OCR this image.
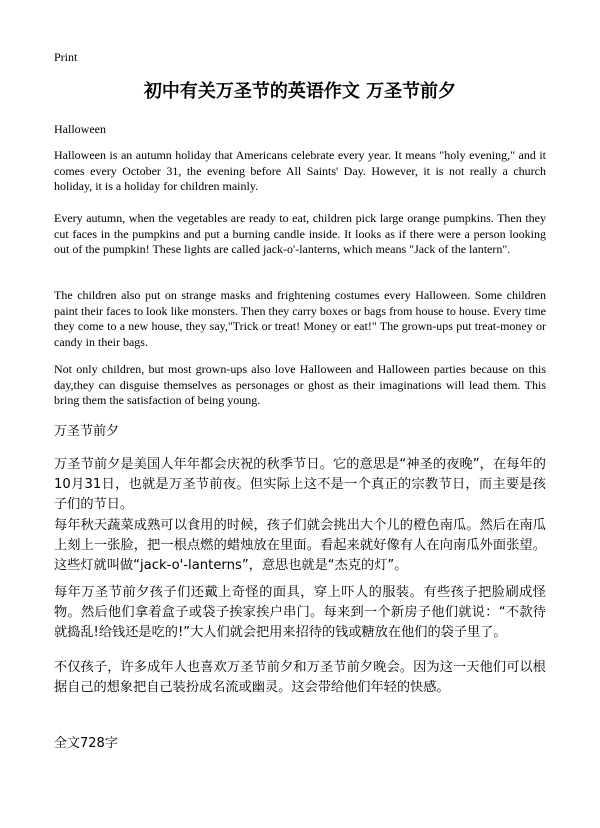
Print
初中有关万圣节的英语作文 万圣节前夕
Halloween

Halloween is an autumn holiday that Americans celebrate every year. It means "holy evening," and it comes every October 31, the evening before All Saints' Day. However, it is not really a church holiday, it is a holiday for children mainly.

Every autumn, when the vegetables are ready to eat, children pick large orange pumpkins. Then they cut faces in the pumpkins and put a burning candle inside. It looks as if there were a person looking out of the pumpkin! These lights are called jack-o'-lanterns, which means "Jack of the lantern".

The children also put on strange masks and frightening costumes every Halloween. Some children paint their faces to look like monsters. Then they carry boxes or bags from house to house. Every time they come to a new house, they say,"Trick or treat! Money or eat!" The grown-ups put treat-money or candy in their bags.

Not only children, but most grown-ups also love Halloween and Halloween parties because on this day,they can disguise themselves as personages or ghost as their imaginations will lead them. This bring them the satisfaction of being young.

万圣节前夕

万圣节前夕是美国人年年都会庆祝的秋季节日。它的意思是“神圣的夜晚”，在每年的10月31日，也就是万圣节前夜。但实际上这不是一个真正的宗教节日，而主要是孩子们的节日。

每年秋天蔬菜成熟可以食用的时候，孩子们就会挑出大个儿的橙色南瓜。然后在南瓜上刻上一张脸，把一根点燃的蜡烛放在里面。看起来就好像有人在向南瓜外面张望。这些灯就叫做“jack-o'-lanterns”，意思也就是“杰克的灯”。

每年万圣节前夕孩子们还戴上奇怪的面具，穿上吓人的服装。有些孩子把脸刷成怪物。然后他们拿着盒子或袋子挨家挨户串门。每来到一个新房子他们就说：“不款待就捣乱!给钱还是吃的!”大人们就会把用来招待的钱或糖放在他们的袋子里了。

不仅孩子，许多成年人也喜欢万圣节前夕和万圣节前夕晚会。因为这一天他们可以根据自己的想象把自己装扮成名流或幽灵。这会带给他们年轻的快感。

全文728字
